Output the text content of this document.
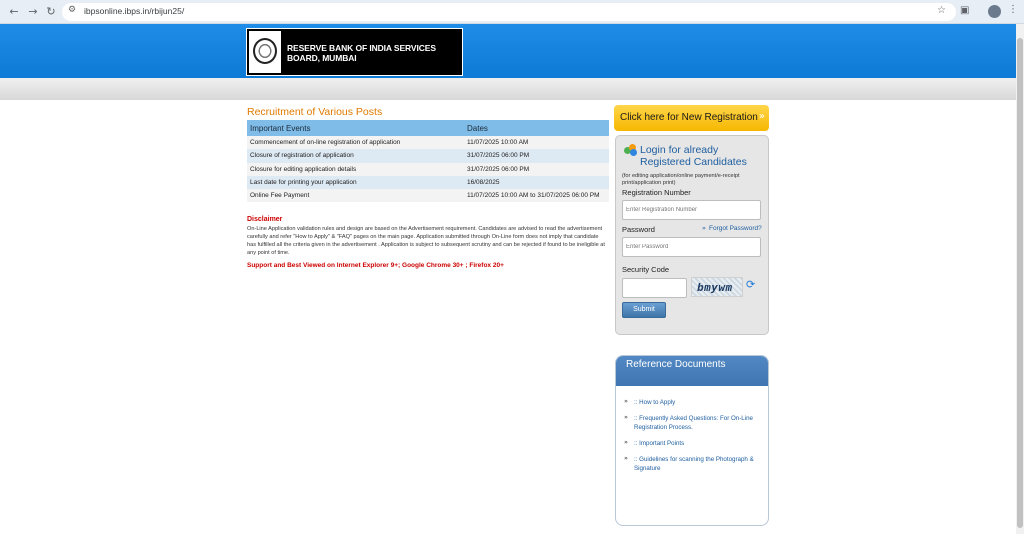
← → ↻	⚙ ibpsonline.ibps.in/rbijun25/	☆ ▣	⋮
RESERVE BANK OF INDIA SERVICES BOARD, MUMBAI
Recruitment of Various Posts
Important Events	Dates
Commencement of on-line registration of application	11/07/2025 10:00 AM
Closure of registration of application	31/07/2025 06:00 PM
Closure for editing application details	31/07/2025 06:00 PM
Last date for printing your application	16/08/2025
Online Fee Payment	11/07/2025 10:00 AM to 31/07/2025 06:00 PM
Disclaimer
On-Line Application validation rules and design are based on the Advertisement requirement. Candidates are advised to read the advertisement carefully and refer "How to Apply" & "FAQ" pages on the main page. Application submitted through On-Line form does not imply that candidate has fulfilled all the criteria given in the advertisement . Application is subject to subsequent scrutiny and can be rejected if found to be ineligible at any point of time.
Support and Best Viewed on Internet Explorer 9+; Google Chrome 30+ ; Firefox 20+
Click here for New Registration »
Login for already
Registered Candidates
(for editing application/online payment/e-receipt print/application print)
Registration Number
Enter Registration Number
Password	» Forgot Password?
Security Code
bmywm ⟳
Submit
Reference Documents
» :: How to Apply
» :: Frequently Asked Questions: For On-Line Registration Process.
» :: Important Points
» :: Guidelines for scanning the Photograph & Signature
